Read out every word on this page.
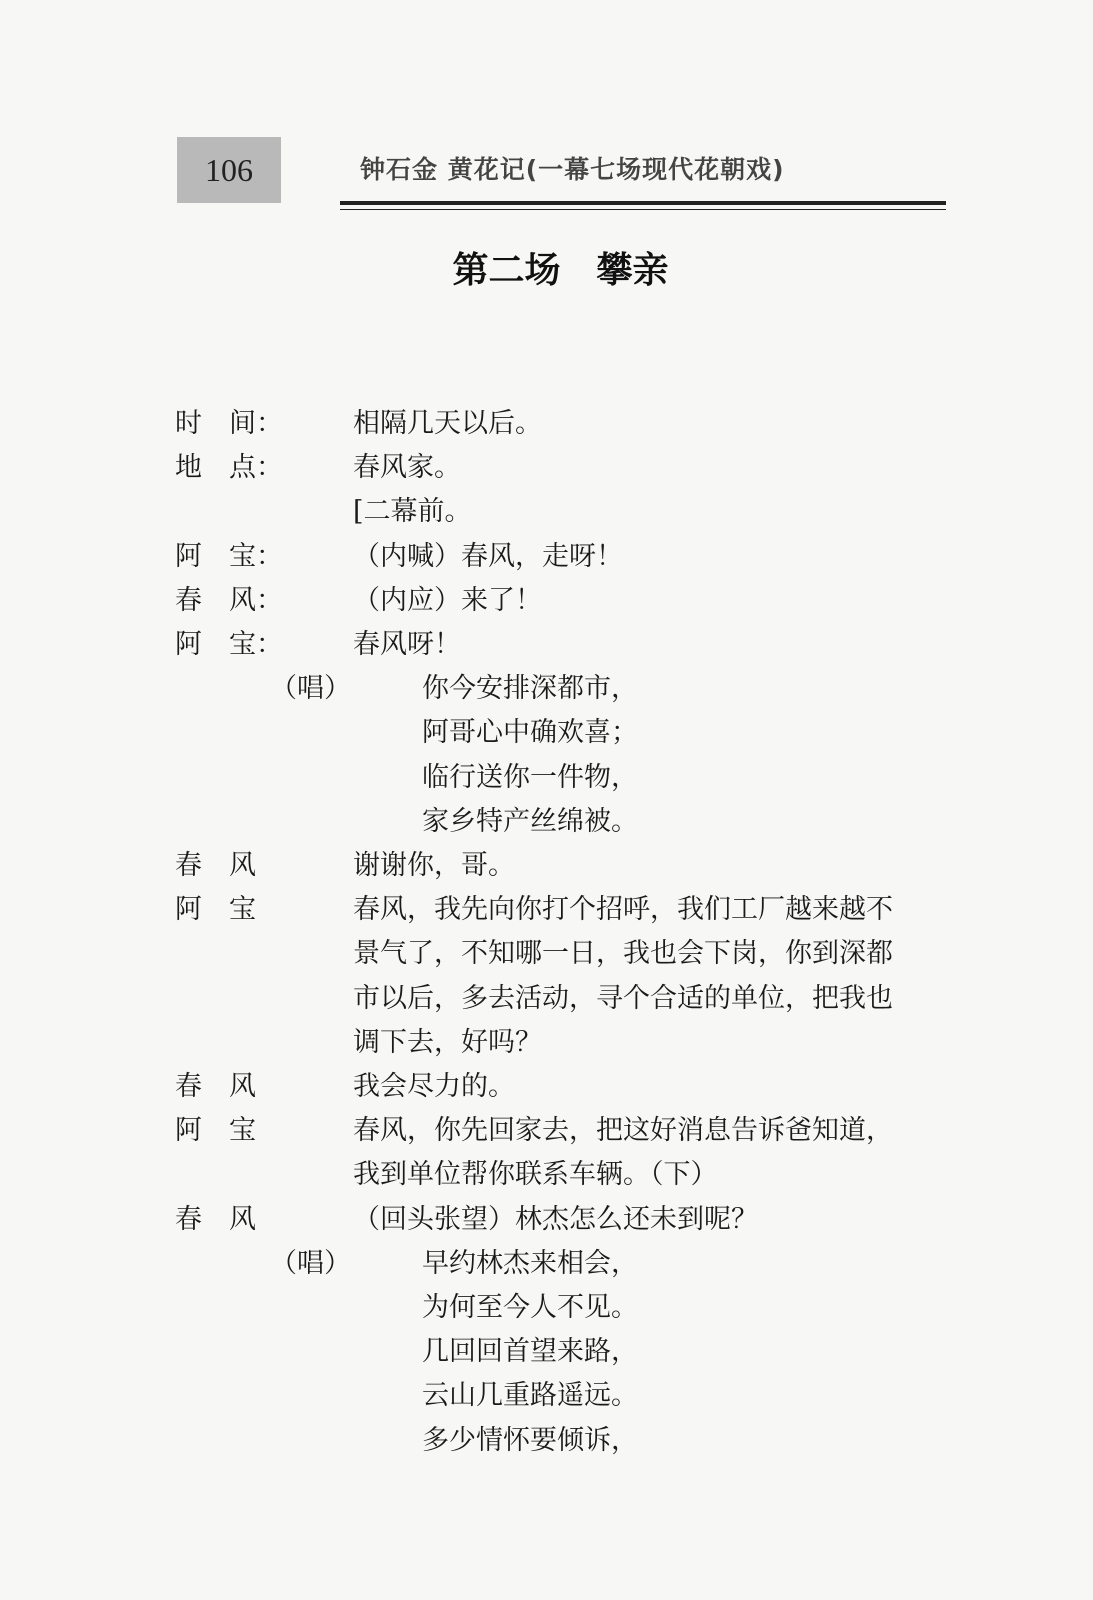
106	钟石金 黄花记(一幕七场现代花朝戏)
第二场　攀亲
时　间：	相隔几天以后。
地　点：	春风家。
[二幕前。
阿　宝：	（内喊）春风，走呀！
春　风：	（内应）来了！
阿　宝：	春风呀！
（唱）	你今安排深都市，
阿哥心中确欢喜；
临行送你一件物，
家乡特产丝绵被。
春　风	谢谢你，哥。
阿　宝	春风，我先向你打个招呼，我们工厂越来越不
景气了，不知哪一日，我也会下岗，你到深都
市以后，多去活动，寻个合适的单位，把我也
调下去，好吗？
春　风	我会尽力的。
阿　宝	春风，你先回家去，把这好消息告诉爸知道，
我到单位帮你联系车辆。（下）
春　风	（回头张望）林杰怎么还未到呢？
（唱）	早约林杰来相会，
为何至今人不见。
几回回首望来路，
云山几重路遥远。
多少情怀要倾诉，
